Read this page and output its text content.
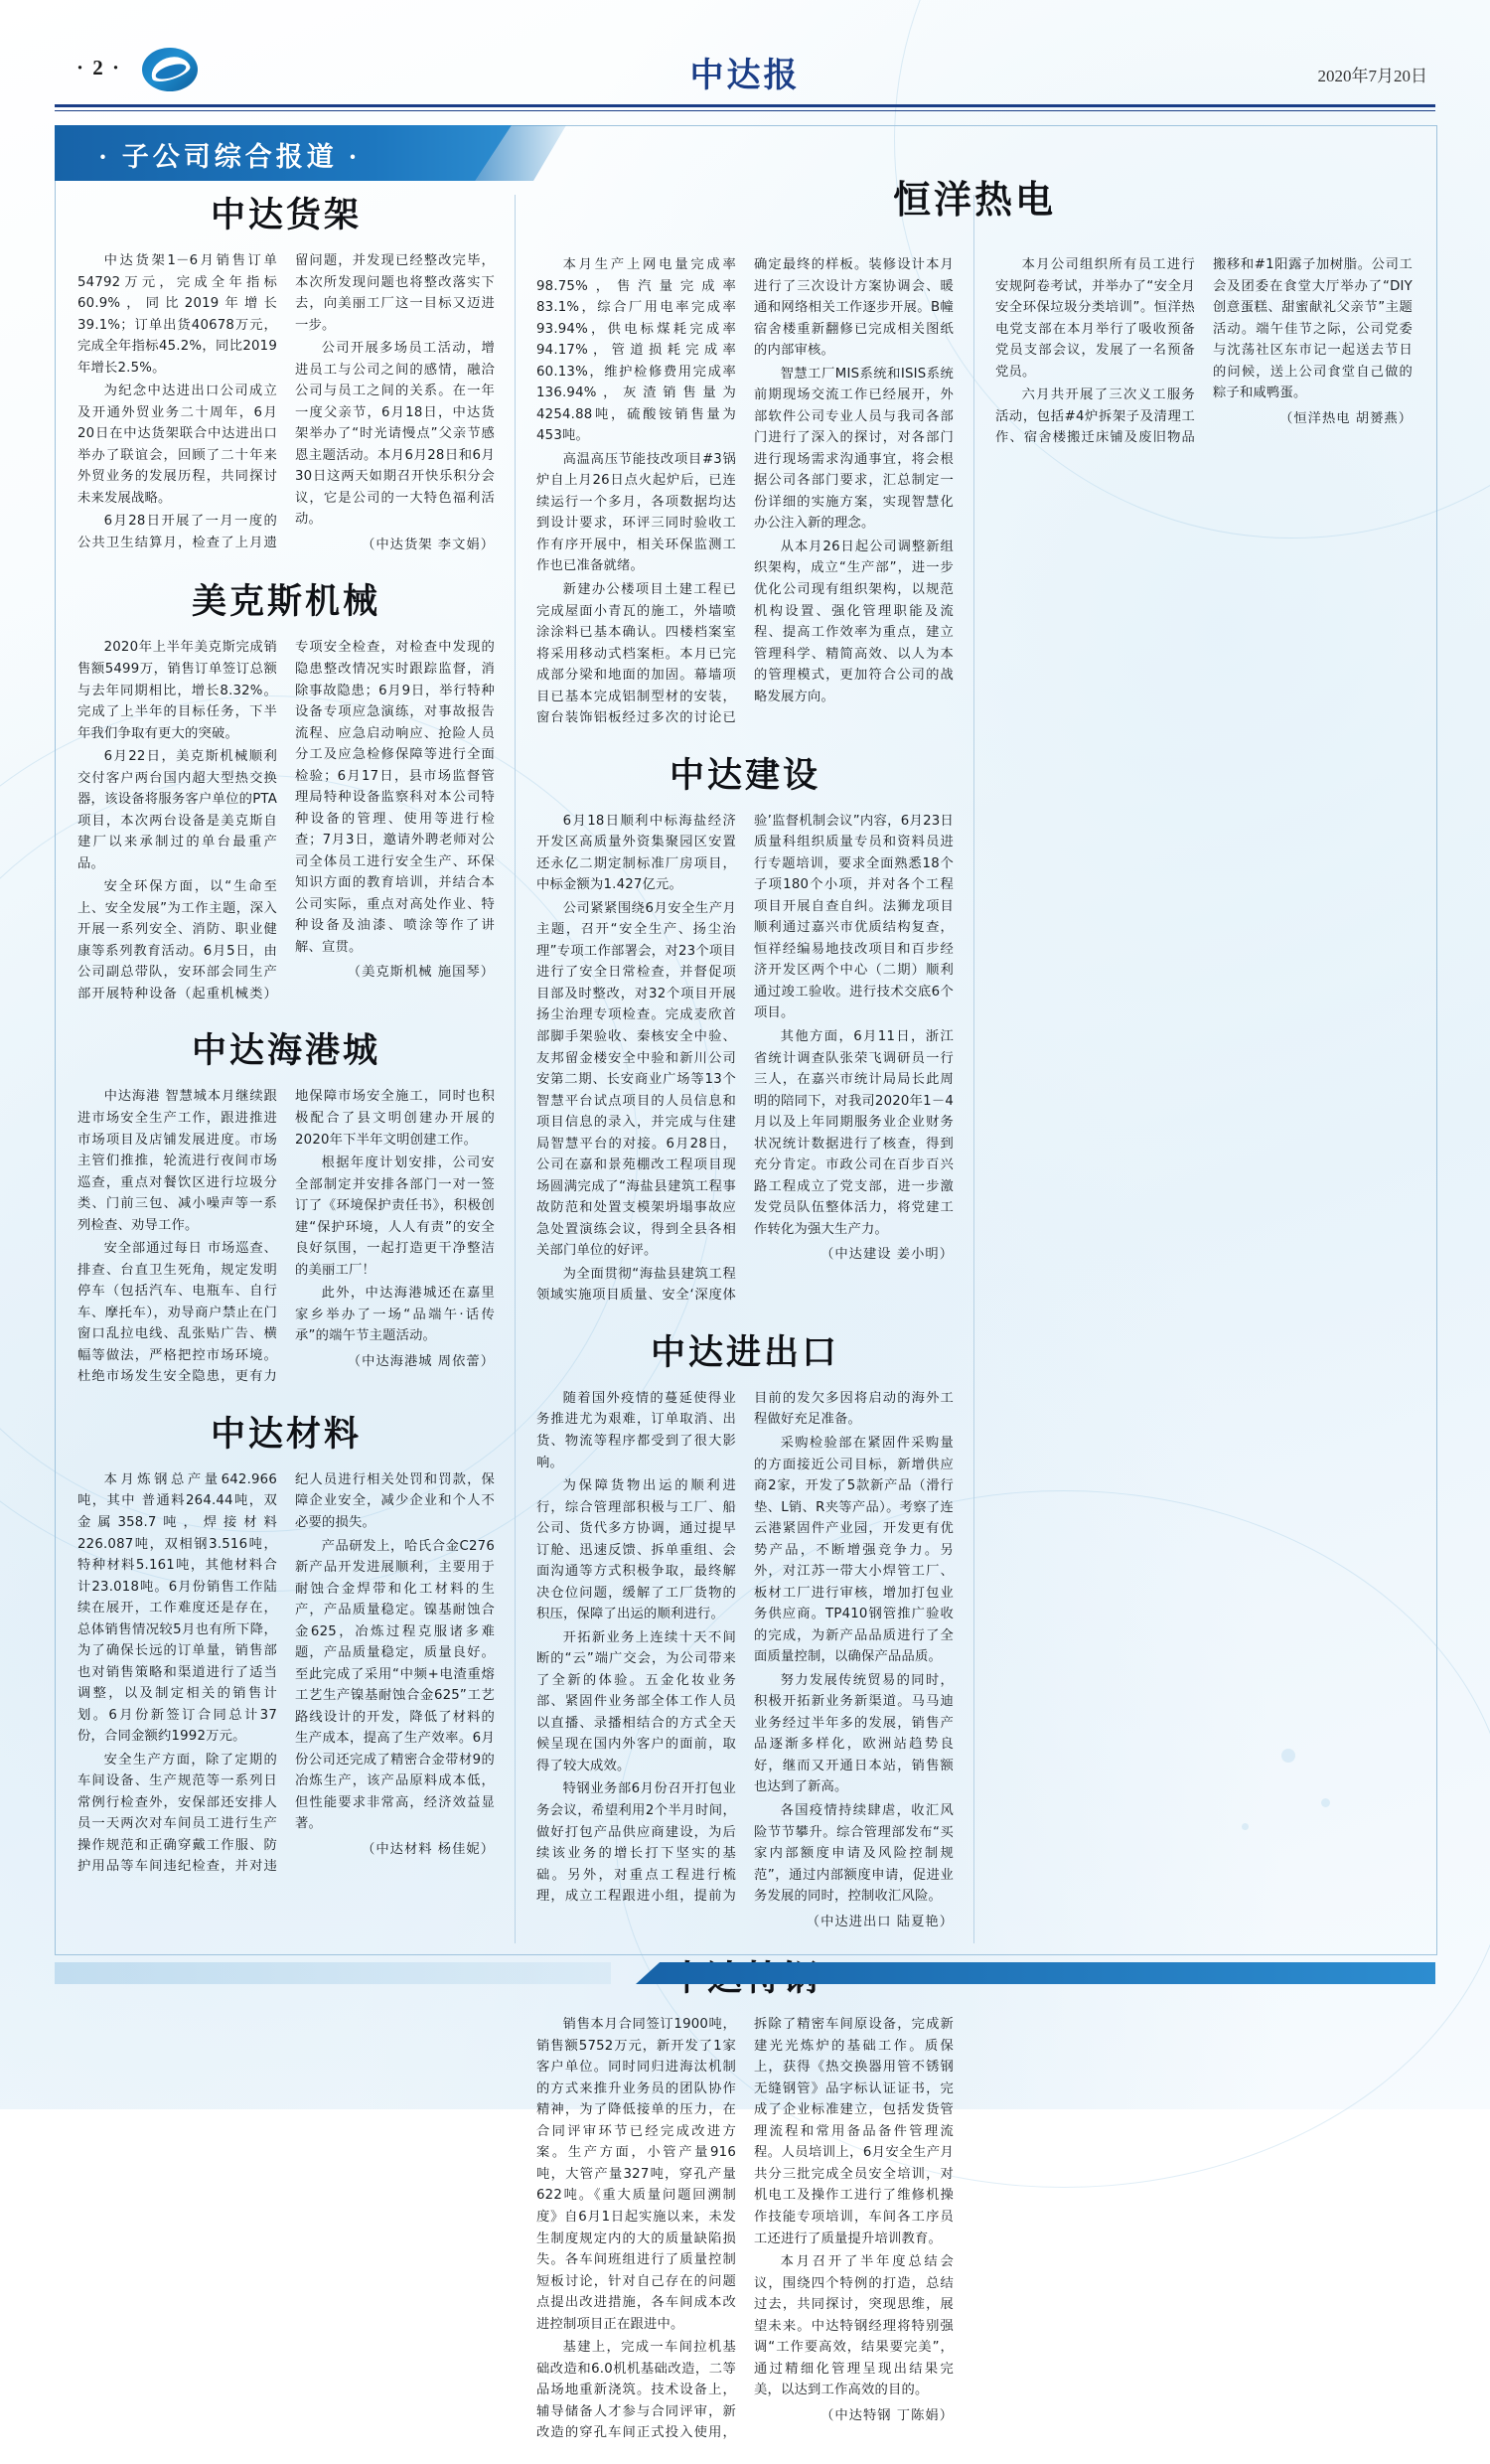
· 2 ·	中达报	2020年7月20日
· 子公司综合报道 ·
中达货架

中达货架1－6月销售订单54792万元，完成全年指标60.9%，同比2019年增长39.1%；订单出货40678万元，完成全年指标45.2%，同比2019年增长2.5%。

为纪念中达进出口公司成立及开通外贸业务二十周年，6月20日在中达货架联合中达进出口举办了联谊会，回顾了二十年来外贸业务的发展历程，共同探讨未来发展战略。

6月28日开展了一月一度的公共卫生结算月，检查了上月遗留问题，并发现已经整改完毕，本次所发现问题也将整改落实下去，向美丽工厂这一目标又迈进一步。

公司开展多场员工活动，增进员工与公司之间的感情，融洽公司与员工之间的关系。在一年一度父亲节，6月18日，中达货架举办了“时光请慢点”父亲节感恩主题活动。本月6月28日和6月30日这两天如期召开快乐积分会议，它是公司的一大特色福利活动。

（中达货架 李文娟）
美克斯机械

2020年上半年美克斯完成销售额5499万，销售订单签订总额与去年同期相比，增长8.32%。完成了上半年的目标任务，下半年我们争取有更大的突破。

6月22日，美克斯机械顺利交付客户两台国内超大型热交换器，该设备将服务客户单位的PTA项目，本次两台设备是美克斯自建厂以来承制过的单台最重产品。

安全环保方面，以“生命至上、安全发展”为工作主题，深入开展一系列安全、消防、职业健康等系列教育活动。6月5日，由公司副总带队，安环部会同生产部开展特种设备（起重机械类）专项安全检查，对检查中发现的隐患整改情况实时跟踪监督，消除事故隐患；6月9日，举行特种设备专项应急演练，对事故报告流程、应急启动响应、抢险人员分工及应急检修保障等进行全面检验；6月17日，县市场监督管理局特种设备监察科对本公司特种设备的管理、使用等进行检查；7月3日，邀请外聘老师对公司全体员工进行安全生产、环保知识方面的教育培训，并结合本公司实际，重点对高处作业、特种设备及油漆、喷涂等作了讲解、宣贯。

（美克斯机械 施国琴）
中达海港城

中达海港 智慧城本月继续跟进市场安全生产工作，跟进推进市场项目及店铺发展进度。市场主管们推推，轮流进行夜间市场巡查，重点对餐饮区进行垃圾分类、门前三包、减小噪声等一系列检查、劝导工作。

安全部通过每日 市场巡查、排查、台直卫生死角，规定发明停车（包括汽车、电瓶车、自行车、摩托车），劝导商户禁止在门窗口乱拉电线、乱张贴广告、横幅等做法，严格把控市场环境。杜绝市场发生安全隐患，更有力地保障市场安全施工，同时也积极配合了县文明创建办开展的2020年下半年文明创建工作。

根据年度计划安排，公司安全部制定并安排各部门一对一签订了《环境保护责任书》，积极创建“保护环境，人人有责”的安全良好氛围，一起打造更干净整洁的美丽工厂！

此外，中达海港城还在嘉里家乡举办了一场“品端午·话传承”的端午节主题活动。

（中达海港城 周依蕾）
中达材料

本月炼钢总产量642.966吨，其中 普通料264.44吨，双 金属358.7吨，焊接材料226.087吨，双相钢3.516吨，特种材料5.161吨，其他材料合计23.018吨。6月份销售工作陆续在展开，工作难度还是存在，总体销售情况较5月也有所下降，为了确保长远的订单量，销售部也对销售策略和渠道进行了适当调整，以及制定相关的销售计划。6月份新签订合同总计37份，合同金额约1992万元。

安全生产方面，除了定期的车间设备、生产规范等一系列日常例行检查外，安保部还安排人员一天两次对车间员工进行生产操作规范和正确穿戴工作服、防护用品等车间违纪检查，并对违纪人员进行相关处罚和罚款，保障企业安全，减少企业和个人不必要的损失。

产品研发上，哈氏合金C276新产品开发进展顺利，主要用于耐蚀合金焊带和化工材料的生产，产品质量稳定。镍基耐蚀合金625，冶炼过程克服诸多难题，产品质量稳定，质量良好。至此完成了采用“中频+电渣重熔工艺生产镍基耐蚀合金625”工艺路线设计的开发，降低了材料的生产成本，提高了生产效率。6月份公司还完成了精密合金带材9的冶炼生产，该产品原料成本低，但性能要求非常高，经济效益显著。

（中达材料 杨佳妮）

本月生产上网电量完成率98.75%，售汽量完成率83.1%，综合厂用电率完成率93.94%，供电标煤耗完成率94.17%，管道损耗完成率60.13%，维护检修费用完成率136.94%，灰渣销售量为4254.88吨，硫酸铵销售量为453吨。

高温高压节能技改项目#3锅炉自上月26日点火起炉后，已连续运行一个多月，各项数据均达到设计要求，环评三同时验收工作有序开展中，相关环保监测工作也已准备就绪。

新建办公楼项目土建工程已完成屋面小青瓦的施工，外墙喷涂涂料已基本确认。四楼档案室将采用移动式档案柜。本月已完成部分梁和地面的加固。幕墙项目已基本完成铝制型材的安装，窗台装饰铝板经过多次的讨论已确定最终的样板。装修设计本月进行了三次设计方案协调会、暖通和网络相关工作逐步开展。B幢宿舍楼重新翻修已完成相关图纸的内部审核。

智慧工厂MIS系统和ISIS系统前期现场交流工作已经展开，外部软件公司专业人员与我司各部门进行了深入的探讨，对各部门进行现场需求沟通事宜，将会根据公司各部门要求，汇总制定一份详细的实施方案，实现智慧化办公注入新的理念。

从本月26日起公司调整新组织架构，成立“生产部”，进一步优化公司现有组织架构，以规范机构设置、强化管理职能及流程、提高工作效率为重点，建立管理科学、精简高效、以人为本的管理模式，更加符合公司的战略发展方向。

中达建设

6月18日顺利中标海盐经济开发区高质量外资集聚园区安置还永亿二期定制标准厂房项目，中标金额为1.427亿元。

公司紧紧围绕6月安全生产月主题，召开“安全生产、扬尘治理”专项工作部署会，对23个项目进行了安全日常检查，并督促项目部及时整改，对32个项目开展扬尘治理专项检查。完成麦欣首部脚手架验收、秦核安全中验、友邦留金楼安全中验和新川公司安第二期、长安商业广场等13个智慧平台试点项目的人员信息和项目信息的录入，并完成与住建局智慧平台的对接。6月28日，公司在嘉和景苑棚改工程项目现场圆满完成了“海盐县建筑工程事故防范和处置支模架坍塌事故应急处置演练会议，得到全县各相关部门单位的好评。

为全面贯彻“海盐县建筑工程领域实施项目质量、安全‘深度体验’监督机制会议”内容，6月23日质量科组织质量专员和资料员进行专题培训，要求全面熟悉18个子项180个小项，并对各个工程项目开展自查自纠。法狮龙项目顺利通过嘉兴市优质结构复查，恒祥经编易地技改项目和百步经济开发区两个中心（二期）顺利通过竣工验收。进行技术交底6个项目。

其他方面，6月11日，浙江省统计调查队张荣飞调研员一行三人，在嘉兴市统计局局长此周明的陪同下，对我司2020年1－4月以及上年同期服务业企业财务状况统计数据进行了核查，得到充分肯定。市政公司在百步百兴路工程成立了党支部，进一步激发党员队伍整体活力，将党建工作转化为强大生产力。

（中达建设 姜小明）
中达进出口

随着国外疫情的蔓延使得业务推进尤为艰难，订单取消、出货、物流等程序都受到了很大影响。

为保障货物出运的顺利进行，综合管理部积极与工厂、船公司、货代多方协调，通过提早订舱、迅速反馈、拆单重组、会面沟通等方式积极争取，最终解决仓位问题，缓解了工厂货物的积压，保障了出运的顺利进行。

开拓新业务上连续十天不间断的“云”端广交会，为公司带来了全新的体验。五金化妆业务部、紧固件业务部全体工作人员以直播、录播相结合的方式全天候呈现在国内外客户的面前，取得了较大成效。

特钢业务部6月份召开打包业务会议，希望利用2个半月时间，做好打包产品供应商建设，为后续该业务的增长打下坚实的基础。另外，对重点工程进行梳理，成立工程跟进小组，提前为目前的发欠多因将启动的海外工程做好充足准备。

采购检验部在紧固件采购量的方面接近公司目标，新增供应商2家，开发了5款新产品（滑行垫、L销、R夹等产品）。考察了连云港紧固件产业园，开发更有优势产品，不断增强竞争力。另外，对江苏一带大小焊管工厂、板材工厂进行审核，增加打包业务供应商。TP410钢管推广验收的完成，为新产品品质进行了全面质量控制，以确保产品品质。

努力发展传统贸易的同时，积极开拓新业务新渠道。马马迪业务经过半年多的发展，销售产品逐渐多样化，欧洲站趋势良好，继而又开通日本站，销售额也达到了新高。

各国疫情持续肆虐，收汇风险节节攀升。综合管理部发布“买家内部额度申请及风险控制规范”，通过内部额度申请，促进业务发展的同时，控制收汇风险。

（中达进出口 陆夏艳）

销售本月合同签订1900吨，销售额5752万元，新开发了1家客户单位。同时同归进海汰机制的方式来推升业务员的团队协作精神，为了降低接单的压力，在合同评审环节已经完成改进方案。生产方面，小管产量916吨，大管产量327吨，穿孔产量622吨。《重大质量问题回溯制度》自6月1日起实施以来，未发生制度规定内的大的质量缺陷损失。各车间班组进行了质量控制短板讨论，针对自己存在的问题点提出改进措施，各车间成本改进控制项目正在跟进中。

基建上，完成一车间拉机基础改造和6.0机机基础改造，二等品场地重新浇筑。技术设备上，辅导储备人才参与合同评审，新改造的穿孔车间正式投入使用，拆除了精密车间原设备，完成新建光光炼炉的基础工作。质保上，获得《热交换器用管不锈钢无缝钢管》品字标认证证书，完成了企业标准建立，包括发货管理流程和常用备品备件管理流程。人员培训上，6月安全生产月共分三批完成全员安全培训，对机电工及操作工进行了维修机操作技能专项培训，车间各工序员工还进行了质量提升培训教育。

本月召开了半年度总结会议，围绕四个特例的打造，总结过去，共同探讨，突现思维，展望未来。中达特钢经理将特别强调“工作要高效，结果要完美”，通过精细化管理呈现出结果完美，以达到工作高效的目的。

（中达特钢 丁陈娟）

本月公司组织所有员工进行安规阿卷考试，并举办了“安全月安全环保垃圾分类培训”。恒洋热电党支部在本月举行了吸收预备党员支部会议，发展了一名预备党员。

六月共开展了三次义工服务活动，包括#4炉拆架子及清理工作、宿舍楼搬迁床铺及废旧物品搬移和#1阳露子加树脂。公司工会及团委在食堂大厅举办了“DIY创意蛋糕、甜蜜献礼父亲节”主题活动。端午佳节之际，公司党委与沈荡社区东市记一起送去节日的问候，送上公司食堂自己做的粽子和咸鸭蛋。

（恒洋热电 胡赟燕）
恒洋热电
